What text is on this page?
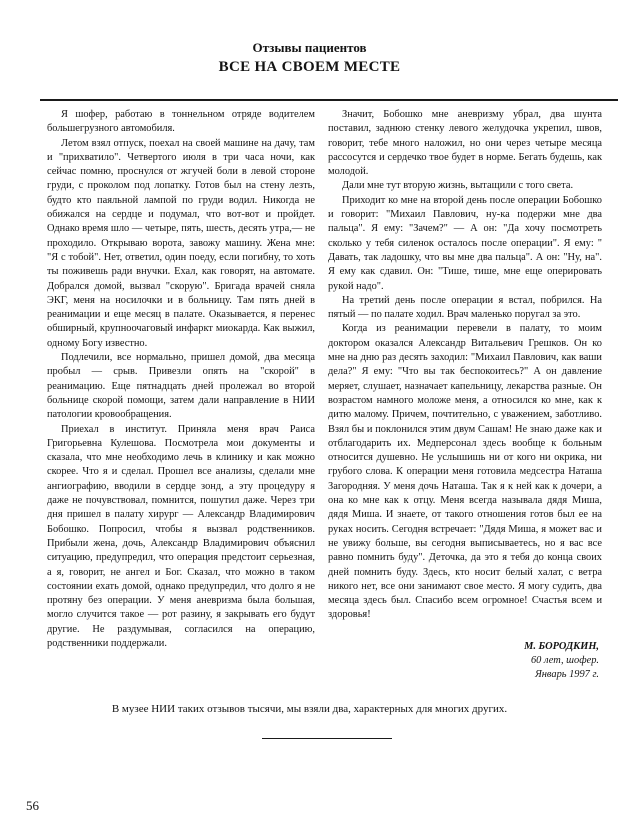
Отзывы пациентов
ВСЕ НА СВОЕМ МЕСТЕ

Я шофер, работаю в тоннельном отряде водителем большегрузного автомобиля.

Летом взял отпуск, поехал на своей машине на дачу, там и "прихватило". Четвертого июля в три часа ночи, как сейчас помню, проснулся от жгучей боли в левой стороне груди, с проколом под лопатку. Готов был на стену лезть, будто кто паяльной лампой по груди водил. Никогда не обижался на сердце и подумал, что вот-вот и пройдет. Однако время шло — четыре, пять, шесть, десять утра,— не проходило. Открываю ворота, завожу машину. Жена мне: "Я с тобой". Нет, ответил, один поеду, если погибну, то хоть ты поживешь ради внучки. Ехал, как говорят, на автомате. Добрался домой, вызвал "скорую". Бригада врачей сняла ЭКГ, меня на носилочки и в больницу. Там пять дней в реанимации и еще месяц в палате. Оказывается, я перенес обширный, крупноочаговый инфаркт миокарда. Как выжил, одному Богу известно.

Подлечили, все нормально, пришел домой, два месяца пробыл — срыв. Привезли опять на "скорой" в реанимацию. Еще пятнадцать дней пролежал во второй больнице скорой помощи, затем дали направление в НИИ патологии кровообращения.

Приехал в институт. Приняла меня врач Раиса Григорьевна Кулешова. Посмотрела мои документы и сказала, что мне необходимо лечь в клинику и как можно скорее. Что я и сделал. Прошел все анализы, сделали мне ангиографию, вводили в сердце зонд, а эту процедуру я даже не почувствовал, помнится, пошутил даже. Через три дня пришел в палату хирург — Александр Владимирович Бобошко. Попросил, чтобы я вызвал родственников. Прибыли жена, дочь, Александр Владимирович объяснил ситуацию, предупредил, что операция предстоит серьезная, а я, говорит, не ангел и Бог. Сказал, что можно в таком состоянии ехать домой, однако предупредил, что долго я не протяну без операции. У меня аневризма была большая, могло случится такое — рот разину, я закрывать его будут другие. Не раздумывая, согласился на операцию, родственники поддержали.

Значит, Бобошко мне аневризму убрал, два шунта поставил, заднюю стенку левого желудочка укрепил, швов, говорит, тебе много наложил, но они через четыре месяца рассосутся и сердечко твое будет в норме. Бегать будешь, как молодой.

Дали мне тут вторую жизнь, вытащили с того света.

Приходит ко мне на второй день после операции Бобошко и говорит: "Михаил Павлович, ну-ка подержи мне два пальца". Я ему: "Зачем?" — А он: "Да хочу посмотреть сколько у тебя силенок осталось после операции". Я ему: " Давать, так ладошку, что вы мне два пальца". А он: "Ну, на". Я ему как сдавил. Он: "Тише, тише, мне еще оперировать рукой надо".

На третий день после операции я встал, побрился. На пятый — по палате ходил. Врач маленько поругал за это.

Когда из реанимации перевели в палату, то моим доктором оказался Александр Витальевич Грешков. Он ко мне на дню раз десять заходил: "Михаил Павлович, как ваши дела?" Я ему: "Что вы так беспокоитесь?" А он давление меряет, слушает, назначает капельницу, лекарства разные. Он возрастом намного моложе меня, а относился ко мне, как к дитю малому. Причем, почтительно, с уважением, заботливо. Взял бы и поклонился этим двум Сашам! Не знаю даже как и отблагодарить их. Медперсонал здесь вообще к больным относится душевно. Не услышишь ни от кого ни окрика, ни грубого слова. К операции меня готовила медсестра Наташа Загородняя. У меня дочь Наташа. Так я к ней как к дочери, а она ко мне как к отцу. Меня всегда называла дядя Миша, дядя Миша. И знаете, от такого отношения готов был ее на руках носить. Сегодня встречает: "Дядя Миша, я может вас и не увижу больше, вы сегодня выписываетесь, но я вас все равно помнить буду". Деточка, да это я тебя до конца своих дней помнить буду. Здесь, кто носит белый халат, с ветра никого нет, все они занимают свое место. Я могу судить, два месяца здесь был. Спасибо всем огромное! Счастья всем и здоровья!

М. БОРОДКИН,
60 лет, шофер.
Январь 1997 г.
В музее НИИ таких отзывов тысячи, мы взяли два, характерных для многих других.
56
